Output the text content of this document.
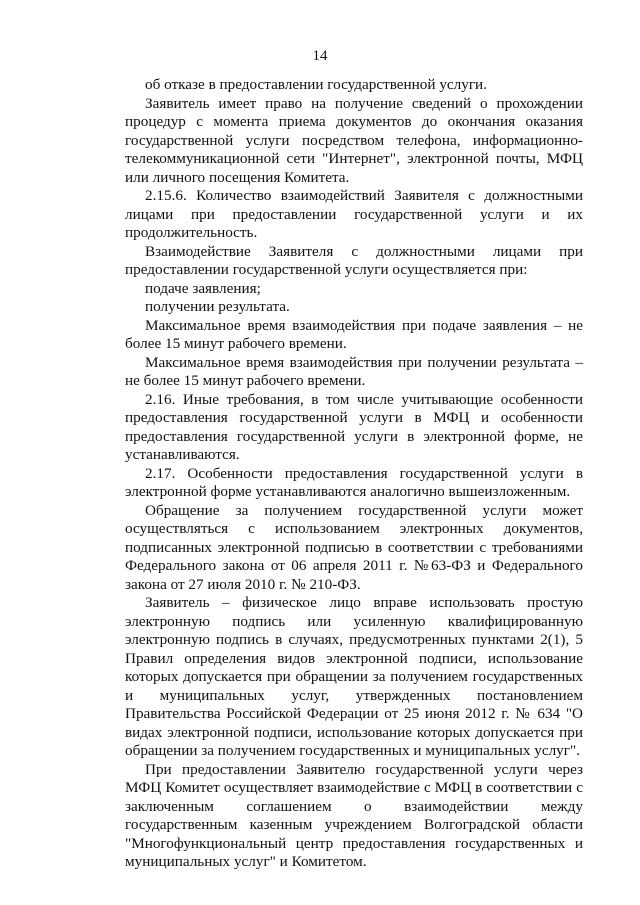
14

об отказе в предоставлении государственной услуги.

Заявитель имеет право на получение сведений о прохождении процедур с момента приема документов до окончания оказания государственной услуги посредством телефона, информационно-телекоммуникационной сети "Интернет", электронной почты, МФЦ или личного посещения Комитета.

2.15.6. Количество взаимодействий Заявителя с должностными лицами при предоставлении государственной услуги и их продолжительность.

Взаимодействие Заявителя с должностными лицами при предоставлении государственной услуги осуществляется при:

подаче заявления;

получении результата.

Максимальное время взаимодействия при подаче заявления – не более 15 минут рабочего времени.

Максимальное время взаимодействия при получении результата – не более 15 минут рабочего времени.

2.16. Иные требования, в том числе учитывающие особенности предоставления государственной услуги в МФЦ и особенности предоставления государственной услуги в электронной форме, не устанавливаются.

2.17. Особенности предоставления государственной услуги в электронной форме устанавливаются аналогично вышеизложенным.

Обращение за получением государственной услуги может осуществляться с использованием электронных документов, подписанных электронной подписью в соответствии с требованиями Федерального закона от 06 апреля 2011 г. №63-ФЗ и Федерального закона от 27 июля 2010 г. № 210-ФЗ.

Заявитель – физическое лицо вправе использовать простую электронную подпись или усиленную квалифицированную электронную подпись в случаях, предусмотренных пунктами 2(1), 5 Правил определения видов электронной подписи, использование которых допускается при обращении за получением государственных и муниципальных услуг, утвержденных постановлением Правительства Российской Федерации от 25 июня 2012 г. № 634 "О видах электронной подписи, использование которых допускается при обращении за получением государственных и муниципальных услуг".

При предоставлении Заявителю государственной услуги через МФЦ Комитет осуществляет взаимодействие с МФЦ в соответствии с заключенным соглашением о взаимодействии между государственным казенным учреждением Волгоградской области "Многофункциональный центр предоставления государственных и муниципальных услуг" и Комитетом.
